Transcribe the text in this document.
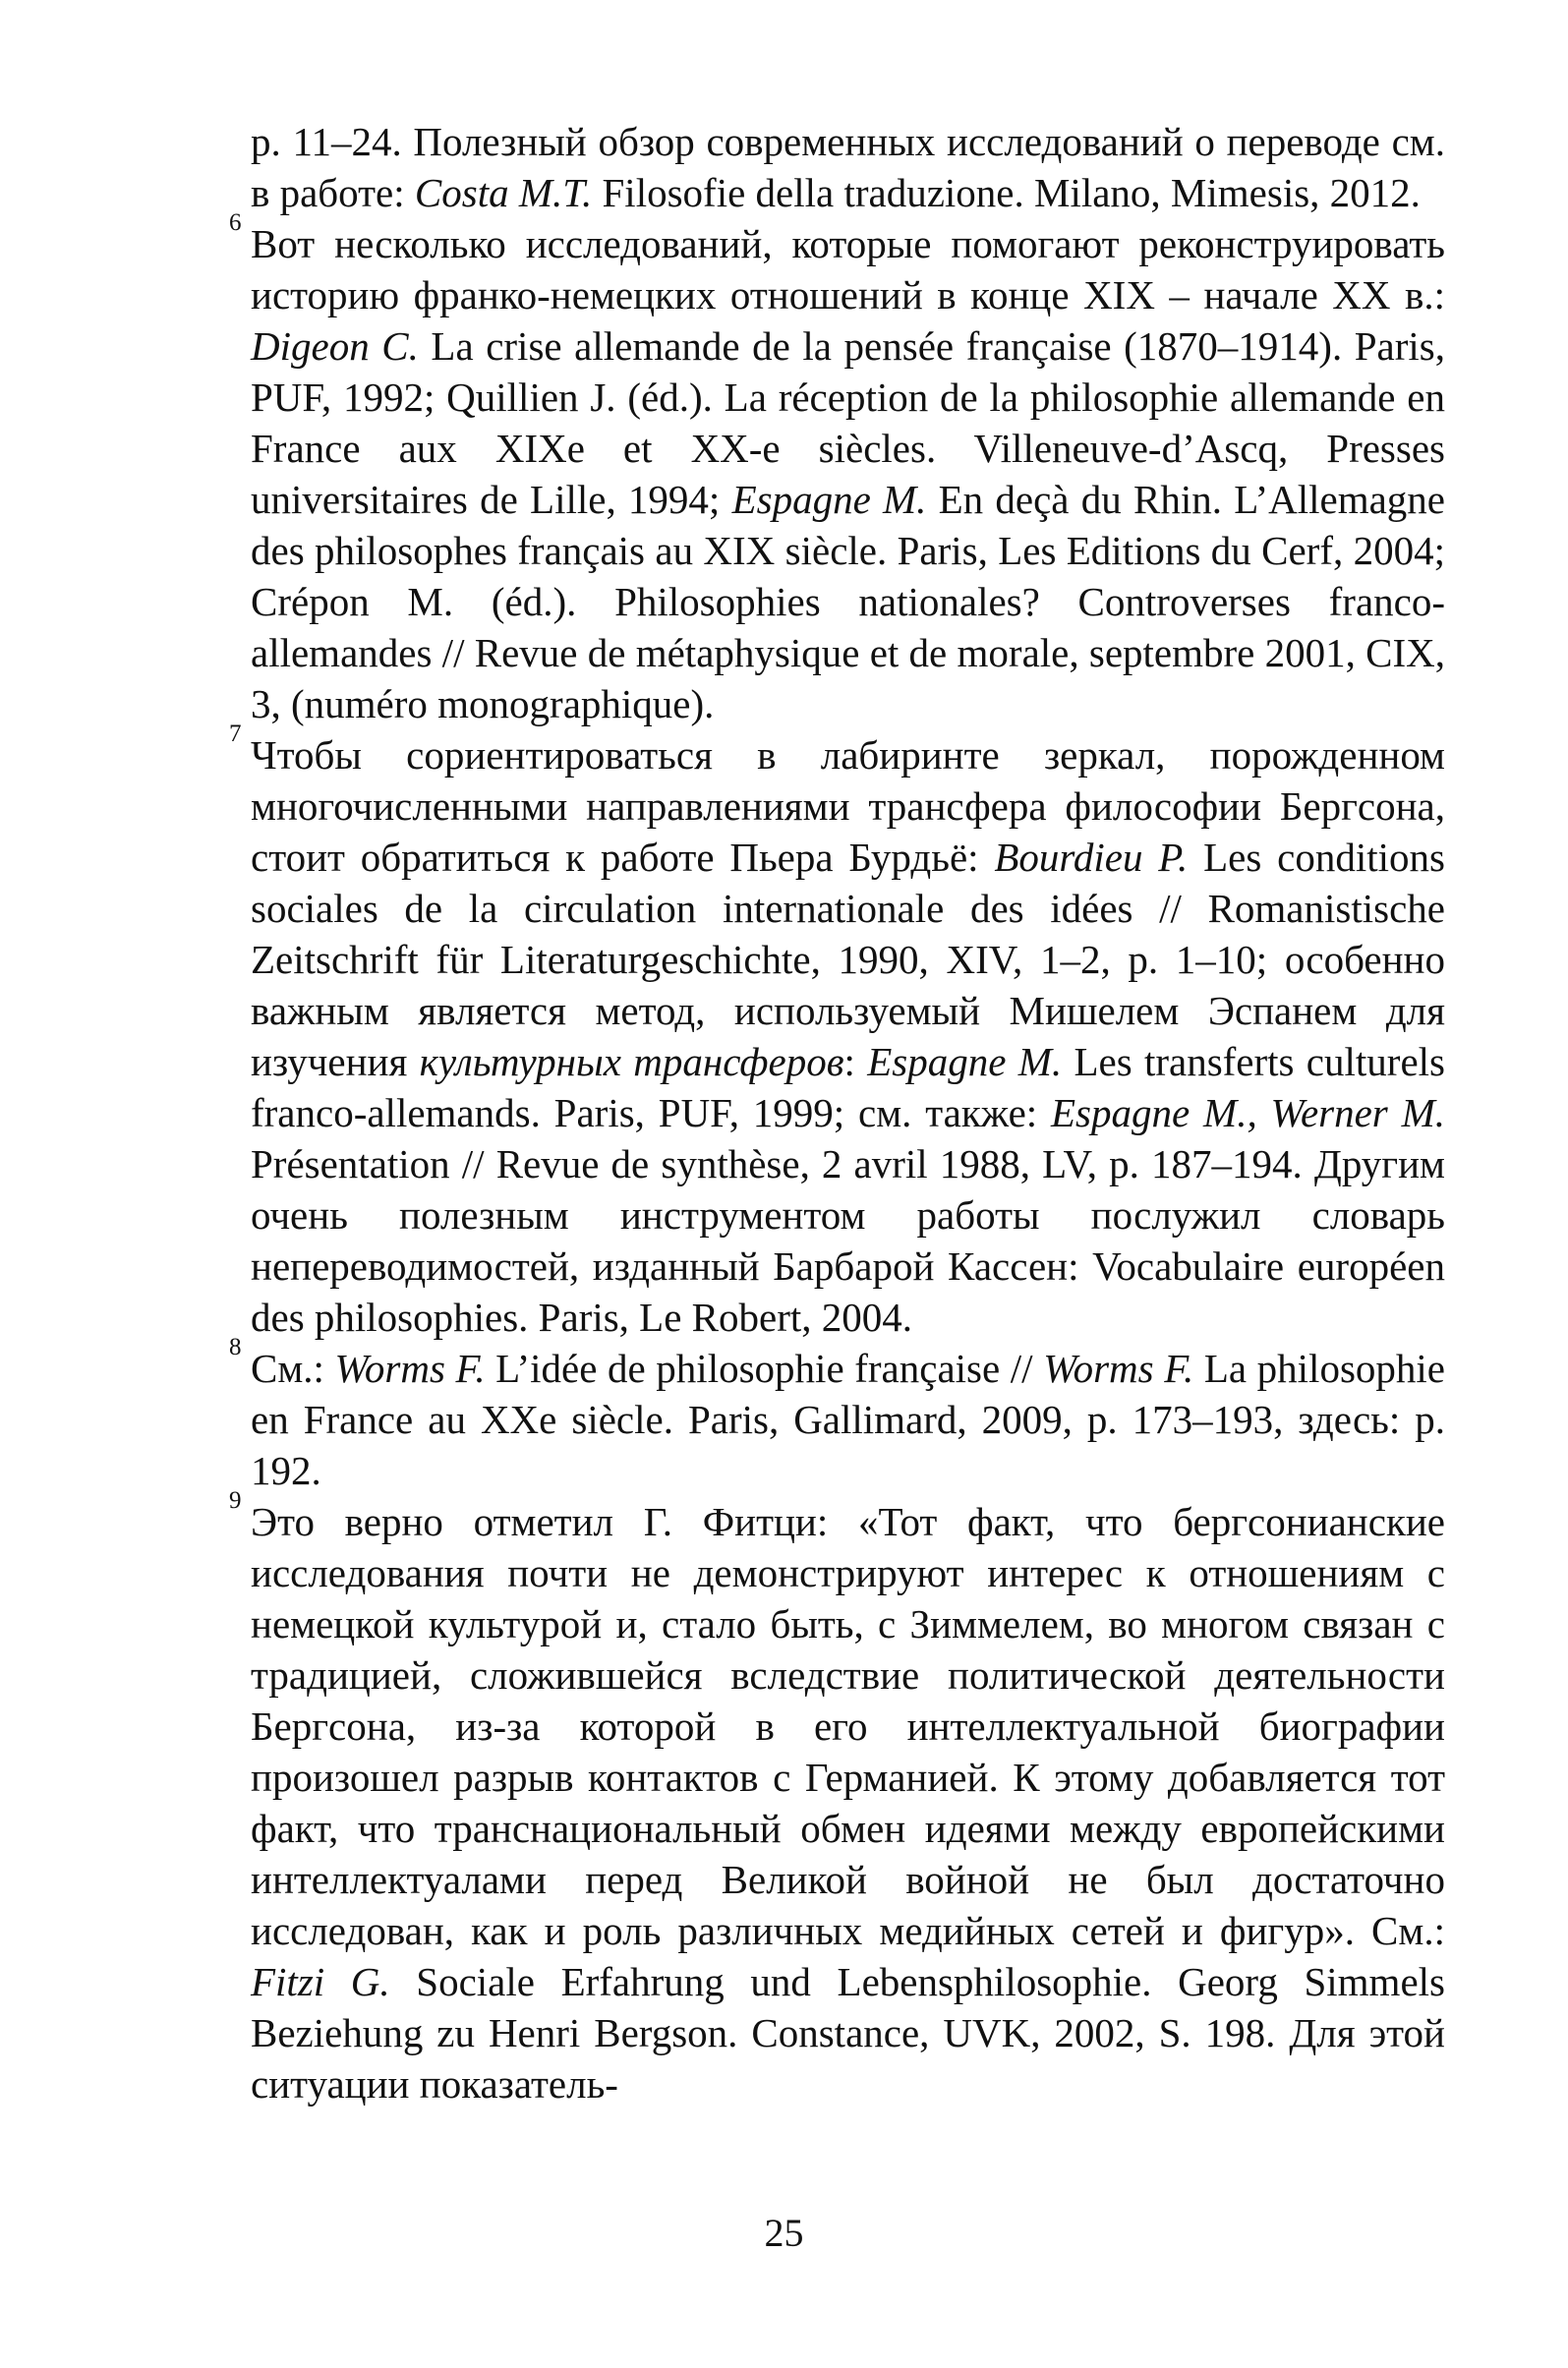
p. 11–24. Полезный обзор современных исследований о переводе см. в работе: Costa M.T. Filosofie della traduzione. Milano, Mimesis, 2012.

6 Вот несколько исследований, которые помогают реконструировать историю франко-немецких отношений в конце XIX – начале XX в.: Digeon C. La crise allemande de la pensée française (1870–1914). Paris, PUF, 1992; Quillien J. (éd.). La réception de la philosophie allemande en France aux XIXe et XX-e siècles. Villeneuve-d’Ascq, Presses universitaires de Lille, 1994; Espagne M. En deçà du Rhin. L’Allemagne des philosophes français au XIX siècle. Paris, Les Editions du Cerf, 2004; Crépon M. (éd.). Philosophies nationales? Controverses franco-allemandes // Revue de métaphysique et de morale, septembre 2001, CIX, 3, (numéro monographique).

7 Чтобы сориентироваться в лабиринте зеркал, порожденном многочисленными направлениями трансфера философии Бергсона, стоит обратиться к работе Пьера Бурдьё: Bourdieu P. Les conditions sociales de la circulation internationale des idées // Romanistische Zeitschrift für Literaturgeschichte, 1990, XIV, 1–2, p. 1–10; особенно важным является метод, используемый Мишелем Эспанем для изучения культурных трансферов: Espagne M. Les transferts culturels franco-allemands. Paris, PUF, 1999; см. также: Espagne M., Werner M. Présentation // Revue de synthèse, 2 avril 1988, LV, p. 187–194. Другим очень полезным инструментом работы послужил словарь непереводимостей, изданный Барбарой Кассен: Vocabulaire européen des philosophies. Paris, Le Robert, 2004.

8 См.: Worms F. L’idée de philosophie française // Worms F. La philosophie en France au XXe siècle. Paris, Gallimard, 2009, p. 173–193, здесь: p. 192.

9 Это верно отметил Г. Фитци: «Тот факт, что бергсонианские исследования почти не демонстрируют интерес к отношениям с немецкой культурой и, стало быть, с Зиммелем, во многом связан с традицией, сложившейся вследствие политической деятельности Бергсона, из-за которой в его интеллектуальной биографии произошел разрыв контактов с Германией. К этому добавляется тот факт, что транснациональный обмен идеями между европейскими интеллектуалами перед Великой войной не был достаточно исследован, как и роль различных медийных сетей и фигур». См.: Fitzi G. Sociale Erfahrung und Lebensphilosophie. Georg Simmels Beziehung zu Henri Bergson. Constance, UVK, 2002, S. 198. Для этой ситуации показатель-

25
